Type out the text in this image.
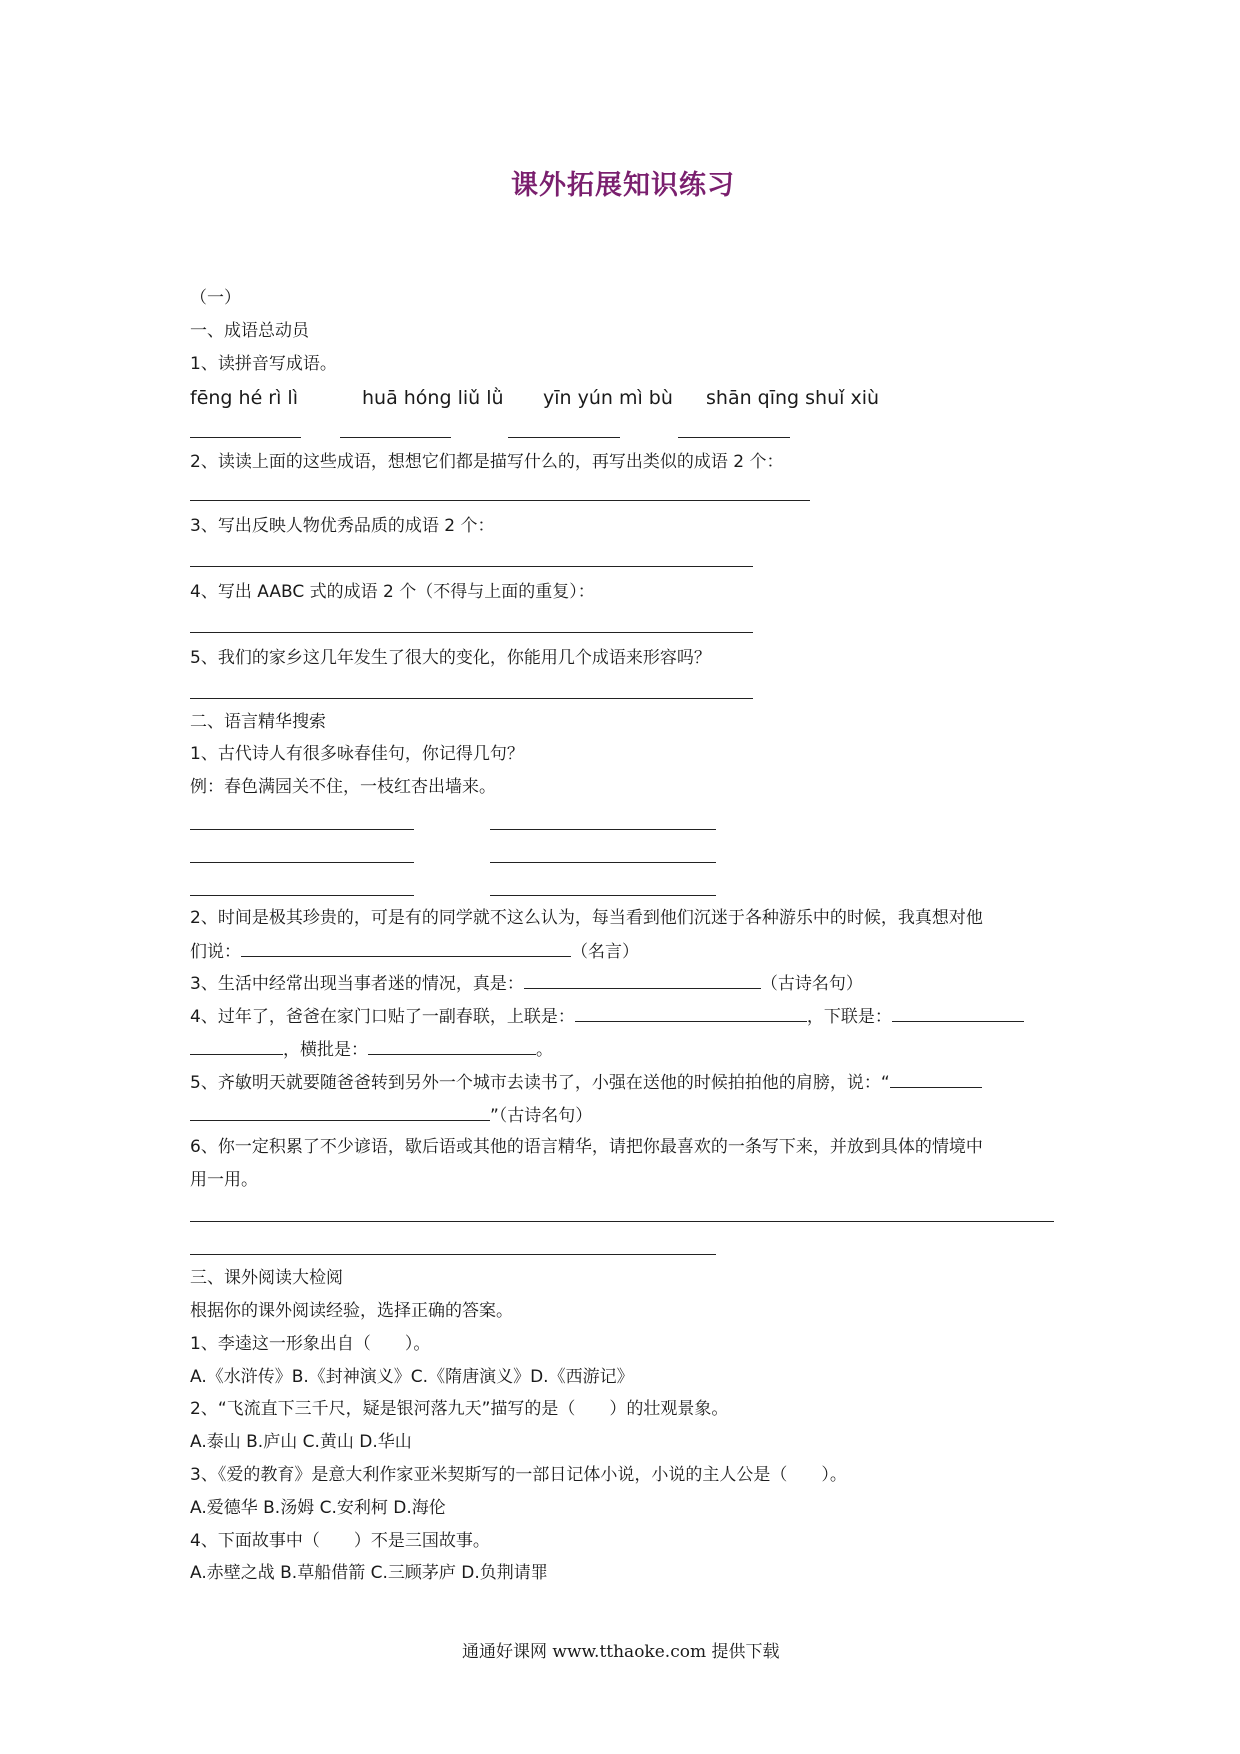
课外拓展知识练习
（一）
一、成语总动员
1、读拼音写成语。
fēng hé rì lì	huā hóng liǔ lǜ yīn yún mì bù shān qīng shuǐ xiù
2、读读上面的这些成语，想想它们都是描写什么的，再写出类似的成语 2 个：
3、写出反映人物优秀品质的成语 2 个：
4、写出 AABC 式的成语 2 个（不得与上面的重复）：
5、我们的家乡这几年发生了很大的变化，你能用几个成语来形容吗？
二、语言精华搜索
1、古代诗人有很多咏春佳句，你记得几句？
例：春色满园关不住，一枝红杏出墙来。
2、时间是极其珍贵的，可是有的同学就不这么认为，每当看到他们沉迷于各种游乐中的时候，我真想对他
们说：	（名言）
3、生活中经常出现当事者迷的情况，真是：	（古诗名句）
4、过年了，爸爸在家门口贴了一副春联，上联是：	，下联是：
，横批是：	。
5、齐敏明天就要随爸爸转到另外一个城市去读书了，小强在送他的时候拍拍他的肩膀，说：“
”（古诗名句）
6、你一定积累了不少谚语，歇后语或其他的语言精华，请把你最喜欢的一条写下来，并放到具体的情境中
用一用。
三、课外阅读大检阅
根据你的课外阅读经验，选择正确的答案。
1、李逵这一形象出自（　　）。
A.《水浒传》B.《封神演义》C.《隋唐演义》D.《西游记》
2、“飞流直下三千尺，疑是银河落九天”描写的是（　　）的壮观景象。
A.泰山 B.庐山 C.黄山 D.华山
3、《爱的教育》是意大利作家亚米契斯写的一部日记体小说，小说的主人公是（　　）。
A.爱德华 B.汤姆 C.安利柯 D.海伦
4、下面故事中（　　）不是三国故事。
A.赤壁之战 B.草船借箭 C.三顾茅庐 D.负荆请罪
通通好课网 www.tthaoke.com 提供下载
